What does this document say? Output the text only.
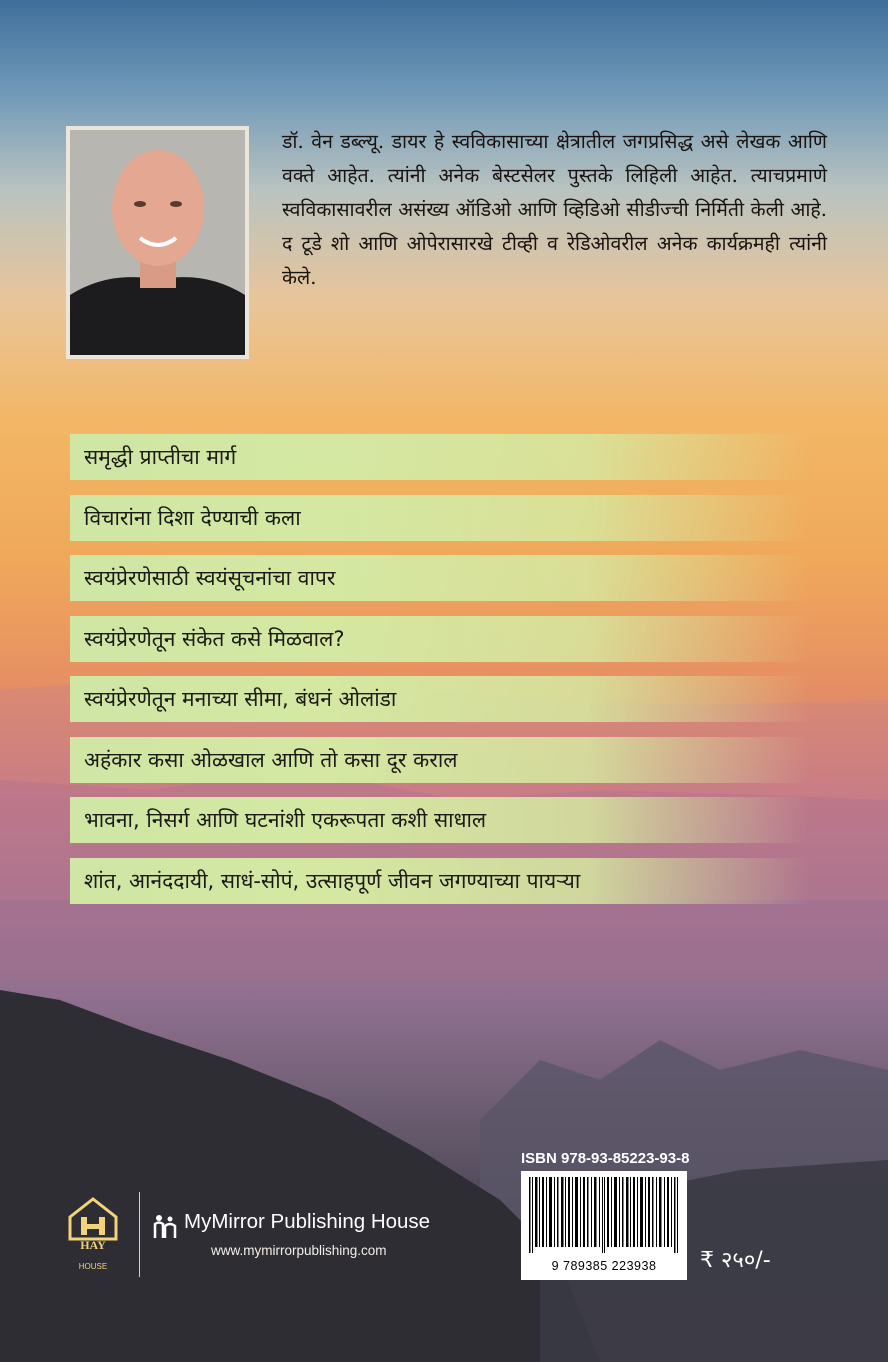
डॉ. वेन डब्ल्यू. डायर हे स्वविकासाच्या क्षेत्रातील जगप्रसिद्ध असे लेखक आणि वक्ते आहेत. त्यांनी अनेक बेस्टसेलर पुस्तके लिहिली आहेत. त्याचप्रमाणे स्वविकासावरील असंख्य ऑडिओ आणि व्हिडिओ सीडीज्ची निर्मिती केली आहे. द टूडे शो आणि ओपेरासारखे टीव्ही व रेडिओवरील अनेक कार्यक्रमही त्यांनी केले.
समृद्धी प्राप्तीचा मार्ग
विचारांना दिशा देण्याची कला
स्वयंप्रेरणेसाठी स्वयंसूचनांचा वापर
स्वयंप्रेरणेतून संकेत कसे मिळवाल?
स्वयंप्रेरणेतून मनाच्या सीमा, बंधनं ओलांडा
अहंकार कसा ओळखाल आणि तो कसा दूर कराल
भावना, निसर्ग आणि घटनांशी एकरूपता कशी साधाल
शांत, आनंददायी, साधं-सोपं, उत्साहपूर्ण जीवन जगण्याच्या पायऱ्या
ISBN 978-93-85223-93-8
9 789385 223938	₹ २५०/-
HAY
HOUSE
MyMirror Publishing House
www.mymirrorpublishing.com
